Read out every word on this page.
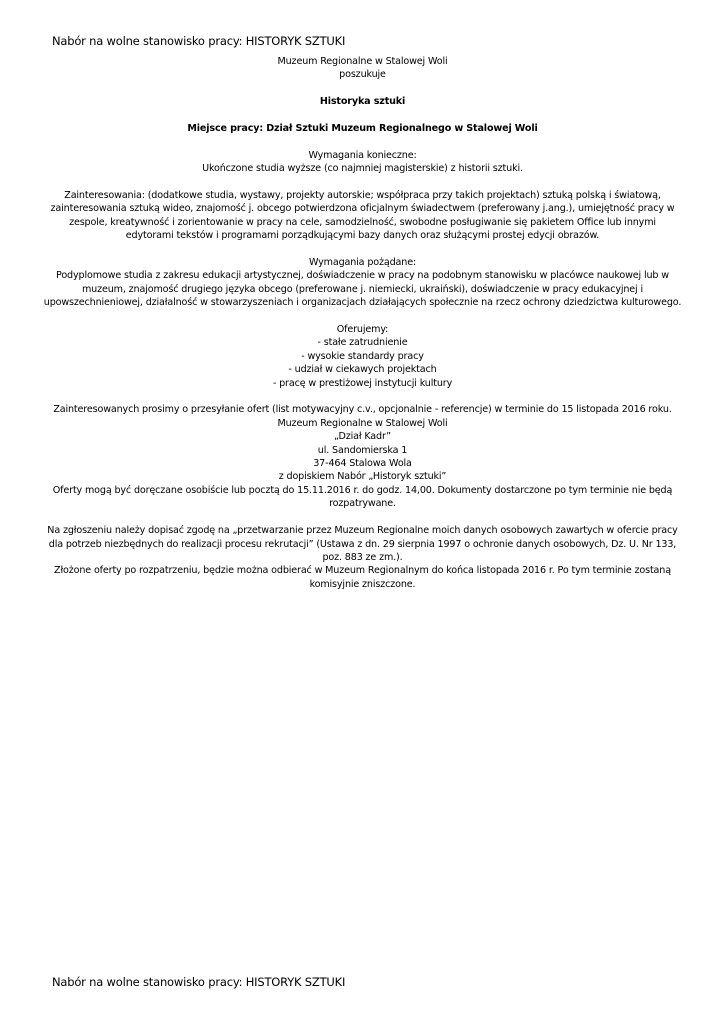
Nabór na wolne stanowisko pracy: HISTORYK SZTUKI
Muzeum Regionalne w Stalowej Woli
poszukuje
Historyka sztuki
Miejsce pracy: Dział Sztuki Muzeum Regionalnego w Stalowej Woli
Wymagania konieczne:
Ukończone studia wyższe (co najmniej magisterskie) z historii sztuki.
Zainteresowania: (dodatkowe studia, wystawy, projekty autorskie; współpraca przy takich projektach) sztuką polską i światową,
zainteresowania sztuką wideo, znajomość j. obcego potwierdzona oficjalnym świadectwem (preferowany j.ang.), umiejętność pracy w
zespole, kreatywność i zorientowanie w pracy na cele, samodzielność, swobodne posługiwanie się pakietem Office lub innymi
edytorami tekstów i programami porządkującymi bazy danych oraz służącymi prostej edycji obrazów.
Wymagania pożądane:
Podyplomowe studia z zakresu edukacji artystycznej, doświadczenie w pracy na podobnym stanowisku w placówce naukowej lub w
muzeum, znajomość drugiego języka obcego (preferowane j. niemiecki, ukraiński), doświadczenie w pracy edukacyjnej i
upowszechnieniowej, działalność w stowarzyszeniach i organizacjach działających społecznie na rzecz ochrony dziedzictwa kulturowego.
Oferujemy:
- stałe zatrudnienie
- wysokie standardy pracy
- udział w ciekawych projektach
- pracę w prestiżowej instytucji kultury
Zainteresowanych prosimy o przesyłanie ofert (list motywacyjny c.v., opcjonalnie - referencje) w terminie do 15 listopada 2016 roku.
Muzeum Regionalne w Stalowej Woli
„Dział Kadr”
ul. Sandomierska 1
37-464 Stalowa Wola
z dopiskiem Nabór „Historyk sztuki”
Oferty mogą być doręczane osobiście lub pocztą do 15.11.2016 r. do godz. 14,00. Dokumenty dostarczone po tym terminie nie będą
rozpatrywane.
Na zgłoszeniu należy dopisać zgodę na „przetwarzanie przez Muzeum Regionalne moich danych osobowych zawartych w ofercie pracy
dla potrzeb niezbędnych do realizacji procesu rekrutacji” (Ustawa z dn. 29 sierpnia 1997 o ochronie danych osobowych, Dz. U. Nr 133,
poz. 883 ze zm.).
Złożone oferty po rozpatrzeniu, będzie można odbierać w Muzeum Regionalnym do końca listopada 2016 r. Po tym terminie zostaną
komisyjnie zniszczone.
Nabór na wolne stanowisko pracy: HISTORYK SZTUKI
